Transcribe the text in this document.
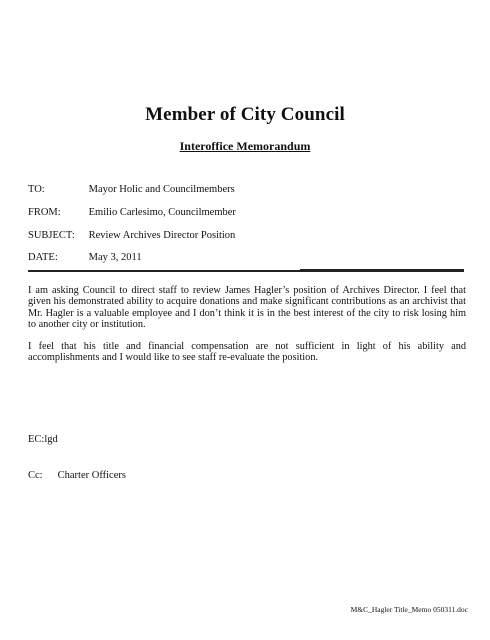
Member of City Council
Interoffice Memorandum
TO:	Mayor Holic and Councilmembers
FROM:	Emilio Carlesimo, Councilmember
SUBJECT: Review Archives Director Position
DATE:	May 3, 2011
I am asking Council to direct staff to review James Hagler’s position of Archives Director. I feel that given his demonstrated ability to acquire donations and make significant contributions as an archivist that Mr. Hagler is a valuable employee and I don’t think it is in the best interest of the city to risk losing him to another city or institution.
I feel that his title and financial compensation are not sufficient in light of his ability and accomplishments and I would like to see staff re-evaluate the position.
EC:lgd
Cc: Charter Officers
M&C_Hagler Title_Memo 050311.doc
